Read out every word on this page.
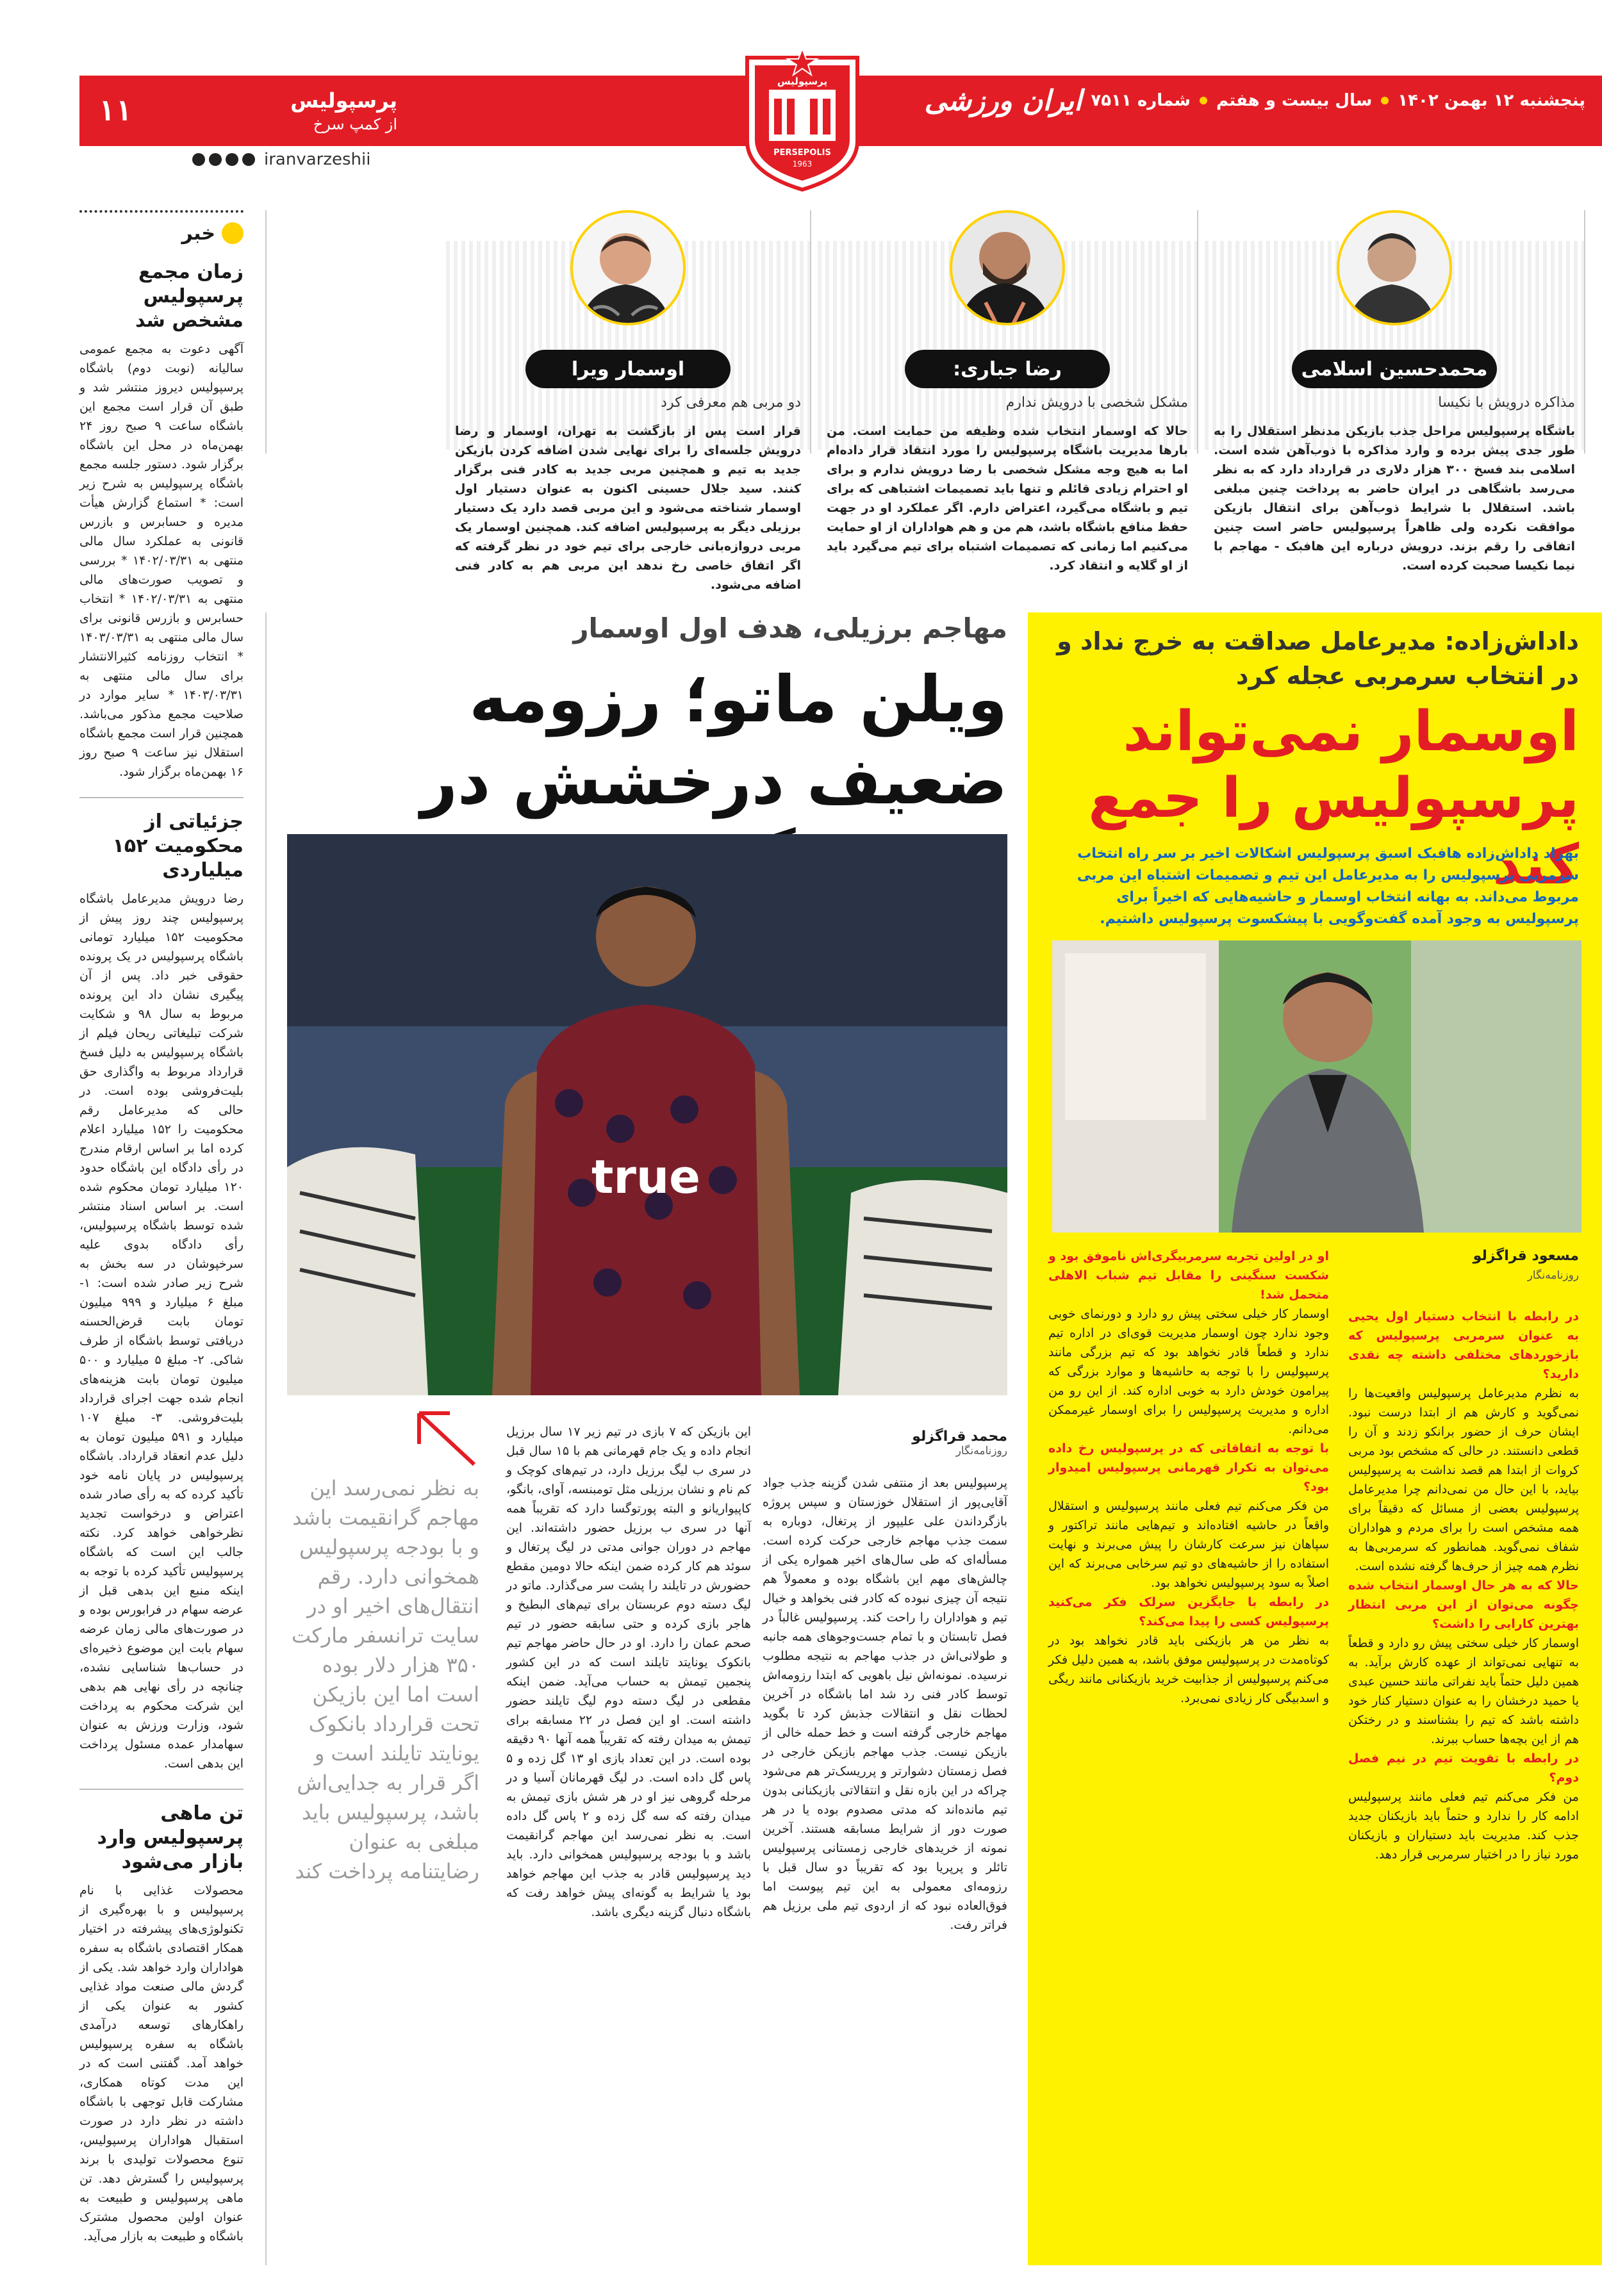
پنجشنبه ۱۲ بهمن ۱۴۰۲
سال بیست و هفتم
شماره ۷۵۱۱
ایران ورزشی
۱۱	پرسپولیس
از کمپ سرخ
پرسپولیس
PERSEPOLIS
1963
iranvarzeshii
محمدحسین اسلامی
مذاکره درویش با نکیسا
باشگاه پرسپولیس مراحل جذب بازیکن مدنظر استقلال را به طور جدی پیش برده و وارد مذاکره با ذوب‌آهن شده است. اسلامی بند فسخ ۳۰۰ هزار دلاری در قرارداد دارد که به نظر می‌رسد باشگاهی در ایران حاضر به پرداخت چنین مبلغی باشد. استقلال با شرایط ذوب‌آهن برای انتقال بازیکن موافقت نکرده ولی ظاهراً پرسپولیس حاضر است چنین اتفاقی را رقم بزند. درویش درباره این هافبک - مهاجم با نیما نکیسا صحبت کرده است.
رضا جباری:
مشکل شخصی با درویش ندارم
حالا که اوسمار انتخاب شده وظیفه من حمایت است. من بارها مدیریت باشگاه پرسپولیس را مورد انتقاد قرار داده‌ام اما به هیچ وجه مشکل شخصی با رضا درویش ندارم و برای او احترام زیادی قائلم و تنها باید تصمیمات اشتباهی که برای تیم و باشگاه می‌گیرد، اعتراض دارم. اگر عملکرد او در جهت حفظ منافع باشگاه باشد، هم من و هم هواداران از او حمایت می‌کنیم اما زمانی که تصمیمات اشتباه برای تیم می‌گیرد باید از او گلایه و انتقاد کرد.
اوسمار ویرا
دو مربی هم معرفی کرد
قرار است پس از بازگشت به تهران، اوسمار و رضا درویش جلسه‌ای را برای نهایی شدن اضافه کردن بازیکن جدید به تیم و همچنین مربی جدید به کادر فنی برگزار کنند. سید جلال حسینی اکنون به عنوان دستیار اول اوسمار شناخته می‌شود و این مربی قصد دارد یک دستیار برزیلی دیگر به پرسپولیس اضافه کند. همچنین اوسمار یک مربی دروازه‌بانی خارجی برای تیم خود در نظر گرفته که اگر اتفاق خاصی رخ ندهد این مربی هم به کادر فنی اضافه می‌شود.
خبر
زمان مجمع پرسپولیس مشخص شد

آگهی دعوت به مجمع عمومی سالیانه (نوبت دوم) باشگاه پرسپولیس دیروز منتشر شد و طبق آن قرار است مجمع این باشگاه ساعت ۹ صبح روز ۲۴ بهمن‌ماه در محل این باشگاه برگزار شود. دستور جلسه مجمع باشگاه پرسپولیس به شرح زیر است: * استماع گزارش هیأت مدیره و حسابرس و بازرس قانونی به عملکرد سال مالی منتهی به ۱۴۰۲/۰۳/۳۱ * بررسی و تصویب صورت‌های مالی منتهی به ۱۴۰۲/۰۳/۳۱ * انتخاب حسابرس و بازرس قانونی برای سال مالی منتهی به ۱۴۰۳/۰۳/۳۱ * انتخاب روزنامه کثیرالانتشار برای سال مالی منتهی به ۱۴۰۳/۰۳/۳۱ * سایر موارد در صلاحیت مجمع مذکور می‌باشد. همچنین قرار است مجمع باشگاه استقلال نیز ساعت ۹ صبح روز ۱۶ بهمن‌ماه برگزار شود.

جزئیاتی از محکومیت ۱۵۲ میلیاردی

رضا درویش مدیرعامل باشگاه پرسپولیس چند روز پیش از محکومیت ۱۵۲ میلیارد تومانی باشگاه پرسپولیس در یک پرونده حقوقی خبر داد. پس از آن پیگیری نشان داد این پرونده مربوط به سال ۹۸ و شکایت شرکت تبلیغاتی ریحان فیلم از باشگاه پرسپولیس به دلیل فسخ قرارداد مربوط به واگذاری حق بلیت‌فروشی بوده است. در حالی که مدیرعامل رقم محکومیت را ۱۵۲ میلیارد اعلام کرده اما بر اساس ارقام مندرج در رأی دادگاه این باشگاه حدود ۱۲۰ میلیارد تومان محکوم شده است. بر اساس اسناد منتشر شده توسط باشگاه پرسپولیس، رأی دادگاه بدوی علیه سرخپوشان در سه بخش به شرح زیر صادر شده است: ۱- مبلغ ۶ میلیارد و ۹۹۹ میلیون تومان بابت قرض‌الحسنه دریافتی توسط باشگاه از طرف شاکی. ۲- مبلغ ۵ میلیارد و ۵۰۰ میلیون تومان بابت هزینه‌های انجام شده جهت اجرای قرارداد بلیت‌فروشی. ۳- مبلغ ۱۰۷ میلیارد و ۵۹۱ میلیون تومان به دلیل عدم انعقاد قرارداد. باشگاه پرسپولیس در پایان نامه خود تأکید کرده که به رأی صادر شده اعتراض و درخواست تجدید نظرخواهی خواهد کرد. نکته جالب این است که باشگاه پرسپولیس تأکید کرده با توجه به اینکه منبع این بدهی قبل از عرضه سهام در فرابورس بوده و در صورت‌های مالی زمان عرضه سهام بابت این موضوع ذخیره‌ای در حساب‌ها شناسایی نشده، چنانچه در رأی نهایی هم بدهی این شرکت محکوم به پرداخت شود، وزارت ورزش به عنوان سهامدار عمده مسئول پرداخت این بدهی است.

تن ماهی پرسپولیس وارد بازار می‌شود

محصولات غذایی با نام پرسپولیس و با بهره‌گیری از تکنولوژی‌های پیشرفته در اختیار همکار اقتصادی باشگاه به سفره هواداران وارد خواهد شد. یکی از گردش مالی صنعت مواد غذایی کشور به عنوان یکی از راهکارهای توسعه درآمدی باشگاه به سفره پرسپولیس خواهد آمد. گفتنی است که در این مدت کوتاه همکاری، مشارکت قابل توجهی با باشگاه داشته در نظر دارد در صورت استقبال هواداران پرسپولیس، تنوع محصولات تولیدی با برند پرسپولیس را گسترش دهد. تن ماهی پرسپولیس و طبیعت به عنوان اولین محصول مشترک باشگاه و طبیعت به بازار می‌آید.

داداش‌زاده: مدیرعامل صداقت به خرج نداد و در انتخاب سرمربی عجله کرد
اوسمار نمی‌تواند پرسپولیس را جمع کند
بهزاد داداش‌زاده هافبک اسبق پرسپولیس اشکالات اخیر بر سر راه انتخاب سرمربی پرسپولیس را به مدیرعامل این تیم و تصمیمات اشتباه این مربی مربوط می‌داند. به بهانه انتخاب اوسمار و حاشیه‌هایی که اخیراً برای پرسپولیس به وجود آمده گفت‌وگویی با پیشکسوت پرسپولیس داشتیم.
مسعود قراگزلو
روزنامه‌نگار

در رابطه با انتخاب دستیار اول یحیی به عنوان سرمربی پرسپولیس که بازخوردهای مختلفی داشته چه نقدی دارید؟

به نظرم مدیرعامل پرسپولیس واقعیت‌ها را نمی‌گوید و کارش هم از ابتدا درست نبود. ایشان حرف از حضور برانکو زدند و آن را قطعی دانستند. در حالی که مشخص بود مربی کروات از ابتدا هم قصد نداشت به پرسپولیس بیاید، با این حال من نمی‌دانم چرا مدیرعامل پرسپولیس بعضی از مسائل که دقیقاً برای همه مشخص است را برای مردم و هواداران شفاف نمی‌گوید. همانطور که سرمربی‌ها به نظرم همه چیز از حرف‌ها گرفته نشده است.

حالا که به هر حال اوسمار انتخاب شده چگونه می‌توان از این مربی انتظار بهترین کارایی را داشت؟

اوسمار کار خیلی سختی پیش رو دارد و قطعاً به تنهایی نمی‌تواند از عهده کارش برآید. به همین دلیل حتماً باید نفراتی مانند حسین عبدی یا حمید درخشان را به عنوان دستیار کنار خود داشته باشد که تیم را بشناسند و در رختکن هم از این بچه‌ها حساب ببرند.

در رابطه با تقویت تیم در نیم فصل دوم؟

من فکر می‌کنم تیم فعلی مانند پرسپولیس ادامه کار را ندارد و حتماً باید بازیکنان جدید جذب کند. مدیریت باید دستیاران و بازیکنان مورد نیاز را در اختیار سرمربی قرار دهد.

او در اولین تجربه سرمربیگری‌اش ناموفق بود و شکست سنگینی را مقابل تیم شباب الاهلی متحمل شد!

اوسمار کار خیلی سختی پیش رو دارد و دورنمای خوبی وجود ندارد چون اوسمار مدیریت قوی‌ای در اداره تیم ندارد و قطعاً قادر نخواهد بود که تیم بزرگی مانند پرسپولیس را با توجه به حاشیه‌ها و موارد بزرگی که پیرامون خودش دارد به خوبی اداره کند. از این رو من اداره و مدیریت پرسپولیس را برای اوسمار غیرممکن می‌دانم.

با توجه به اتفاقاتی که در پرسپولیس رخ داده می‌توان به تکرار قهرمانی پرسپولیس امیدوار بود؟

من فکر می‌کنم تیم فعلی مانند پرسپولیس و استقلال واقعاً در حاشیه افتاده‌اند و تیم‌هایی مانند تراکتور و سپاهان نیز سرعت کارشان را پیش می‌برند و نهایت استفاده را از حاشیه‌های دو تیم سرخابی می‌برند که این اصلاً به سود پرسپولیس نخواهد بود.

در رابطه با جایگزین سرلک فکر می‌کنید پرسپولیس کسی را پیدا می‌کند؟

به نظر من هر بازیکنی باید قادر نخواهد بود در کوتاه‌مدت در پرسپولیس موفق باشد، به همین دلیل فکر می‌کنم پرسپولیس از جذابیت خرید بازیکنانی مانند ریگی و اسدبیگی کار زیادی نمی‌برد.

مهاجم برزیلی، هدف اول اوسمار
ویلن ماتو؛ رزومه ضعیف درخشش در
true
محمد قراگزلو
روزنامه‌نگار
پرسپولیس بعد از منتفی شدن گزینه جذب جواد آقایی‌پور از استقلال خوزستان و سپس پروژه بازگرداندن علی علیپور از پرتغال، دوباره به سمت جذب مهاجم خارجی حرکت کرده است. مسأله‌ای که طی سال‌های اخیر همواره یکی از چالش‌های مهم این باشگاه بوده و معمولاً هم نتیجه آن چیزی نبوده که کادر فنی بخواهد و خیال تیم و هواداران را راحت کند. پرسپولیس غالباً در فصل تابستان و با تمام جست‌وجوهای همه جانبه و طولانی‌اش در جذب مهاجم به نتیجه مطلوب نرسیده. نمونه‌اش نیل باهویی که ابتدا رزومه‌اش توسط کادر فنی رد شد اما باشگاه در آخرین لحظات نقل و انتقالات جذبش کرد تا بگوید مهاجم خارجی گرفته است و خط حمله خالی از بازیکن نیست. جذب مهاجم بازیکن خارجی در فصل زمستان دشوارتر و پرریسک‌تر هم می‌شود چراکه در این بازه نقل و انتقالاتی بازیکنانی بدون تیم مانده‌اند که مدتی مصدوم بوده یا در هر صورت دور از شرایط مسابقه هستند. آخرین نمونه از خریدهای خارجی زمستانی پرسپولیس تائلر و پرپریا بود که تقریباً دو سال قبل با رزومه‌ای معمولی به این تیم پیوست اما فوق‌العاده نبود که از اردوی تیم ملی برزیل هم فراتر رفت.
این بازیکن که ۷ بازی در تیم زیر ۱۷ سال برزیل انجام داده و یک جام قهرمانی هم با ۱۵ سال قبل در سری ب لیگ برزیل دارد، در تیم‌های کوچک و کم نام و نشان برزیلی مثل تومبنسه، آوای، بانگو، کاپیواریانو و البته پورتوگسا دارد که تقریباً همه آنها در سری ب برزیل حضور داشته‌اند. این مهاجم در دوران جوانی مدتی در لیگ پرتغال و سوئد هم کار کرده ضمن اینکه حالا دومین مقطع حضورش در تایلند را پشت سر می‌گذارد. ماتو در لیگ دسته دوم عربستان برای تیم‌های البطیخ و هاجر بازی کرده و حتی سابقه حضور در تیم صحم عمان را دارد. او در حال حاضر مهاجم تیم بانکوک یونایتد تایلند است که در این کشور پنجمین تیمش به حساب می‌آید. ضمن اینکه مقطعی در لیگ دسته دوم لیگ تایلند حضور داشته است. او این فصل در ۲۲ مسابقه برای تیمش به میدان رفته که تقریباً همه آنها ۹۰ دقیقه بوده است. در این تعداد بازی او ۱۳ گل زده و ۵ پاس گل داده است. در لیگ قهرمانان آسیا و در مرحله گروهی نیز او در هر شش بازی تیمش به میدان رفته که سه گل زده و ۲ پاس گل داده است. به نظر نمی‌رسد این مهاجم گرانقیمت باشد و با بودجه پرسپولیس همخوانی دارد. باید دید پرسپولیس قادر به جذب این مهاجم خواهد بود یا شرایط به گونه‌ای پیش خواهد رفت که باشگاه دنبال گزینه دیگری باشد.
به نظر نمی‌رسد این مهاجم گرانقیمت باشد و با بودجه پرسپولیس همخوانی دارد. رقم انتقال‌های اخیر او در سایت ترانسفر مارکت ۳۵۰ هزار دلار بوده است اما این بازیکن تحت قرارداد بانکوک یونایتد تایلند است و اگر قرار به جدایی‌اش باشد، پرسپولیس باید مبلغی به عنوان رضایتنامه پرداخت کند
